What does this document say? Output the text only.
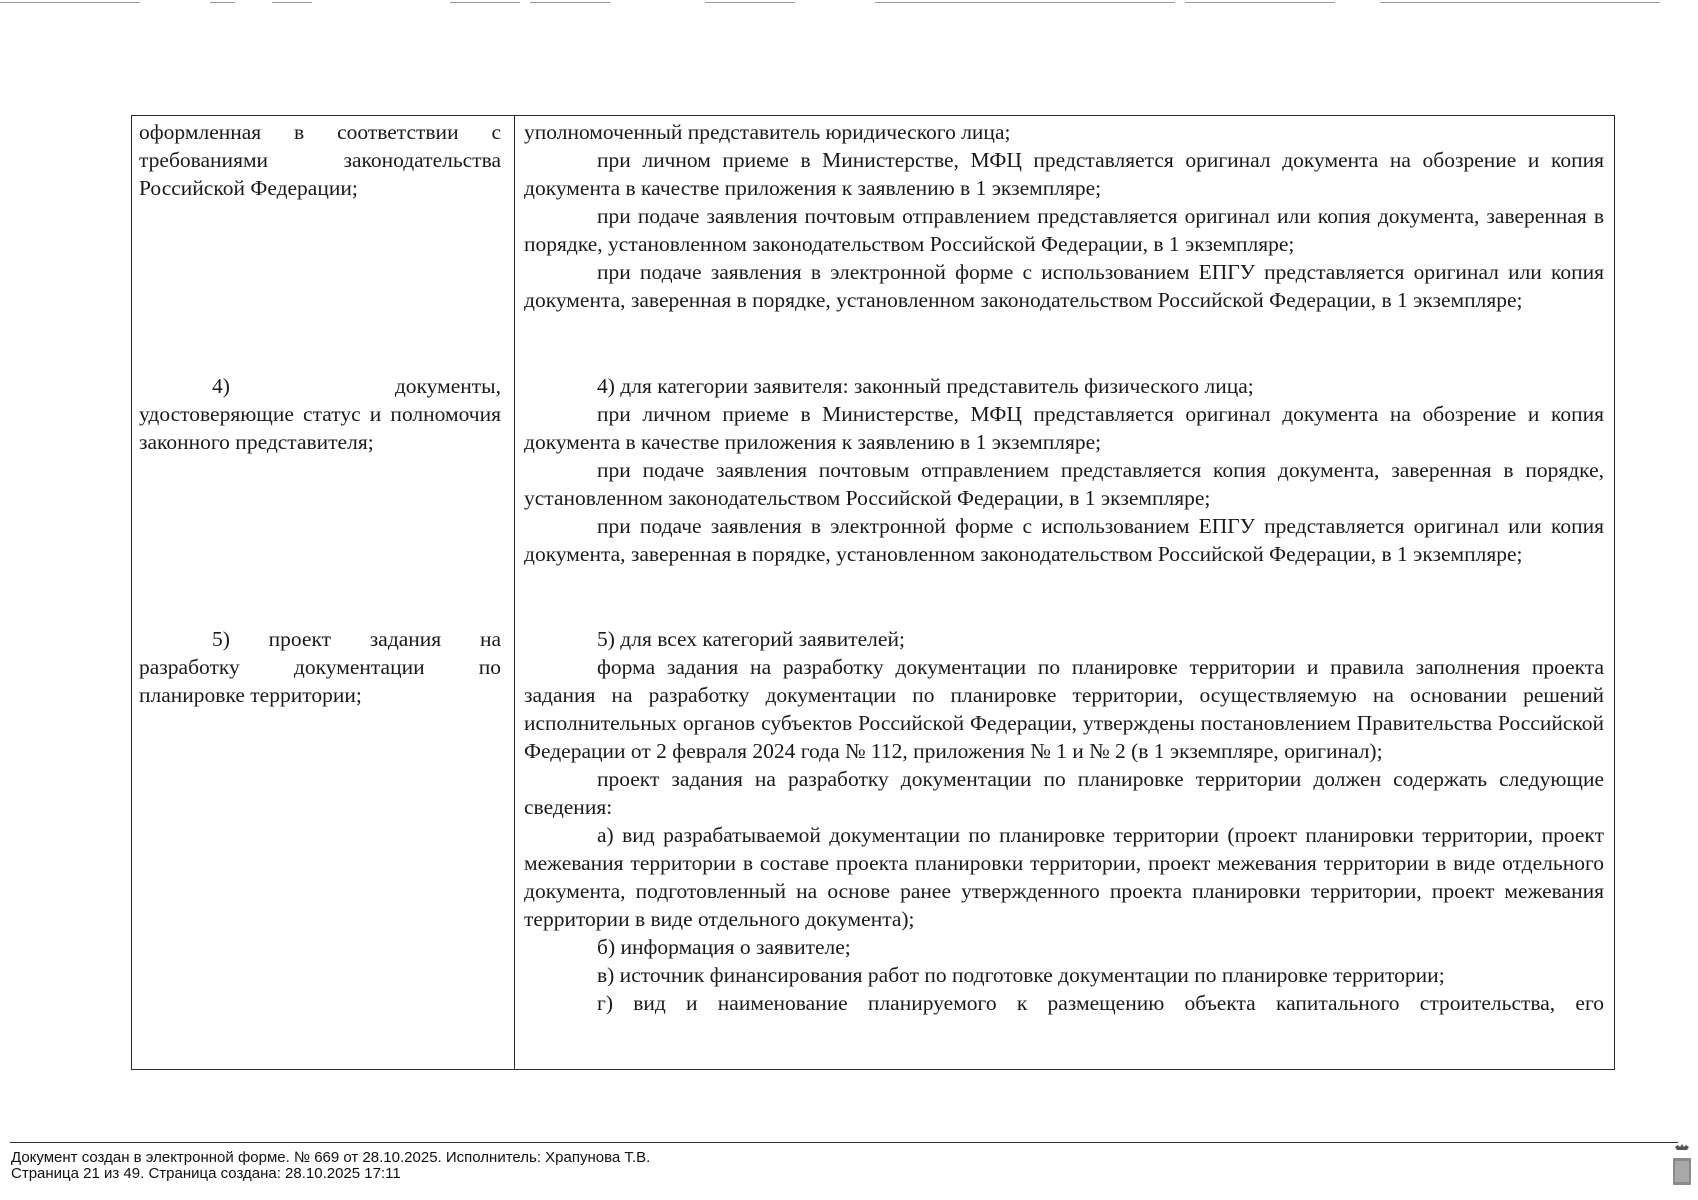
оформленная в соответствии с требованиями законодательства Российской Федерации;

уполномоченный представитель юридического лица;

при личном приеме в Министерстве, МФЦ представляется оригинал документа на обозрение и копия документа в качестве приложения к заявлению в 1 экземпляре;

при подаче заявления почтовым отправлением представляется оригинал или копия документа, заверенная в порядке, установленном законодательством Российской Федерации, в 1 экземпляре;

при подаче заявления в электронной форме с использованием ЕПГУ представляется оригинал или копия документа, заверенная в порядке, установленном законодательством Российской Федерации, в 1 экземпляре;

4) документы, удостоверяющие статус и полномочия законного представителя;

4) для категории заявителя: законный представитель физического лица;

при личном приеме в Министерстве, МФЦ представляется оригинал документа на обозрение и копия документа в качестве приложения к заявлению в 1 экземпляре;

при подаче заявления почтовым отправлением представляется копия документа, заверенная в порядке, установленном законодательством Российской Федерации, в 1 экземпляре;

при подаче заявления в электронной форме с использованием ЕПГУ представляется оригинал или копия документа, заверенная в порядке, установленном законодательством Российской Федерации, в 1 экземпляре;

5) проект задания на разработку документации по планировке территории;

5) для всех категорий заявителей;

форма задания на разработку документации по планировке территории и правила заполнения проекта задания на разработку документации по планировке территории, осуществляемую на основании решений исполнительных органов субъектов Российской Федерации, утверждены постановлением Правительства Российской Федерации от 2 февраля 2024 года № 112, приложения № 1 и № 2 (в 1 экземпляре, оригинал);

проект задания на разработку документации по планировке территории должен содержать следующие сведения:

а) вид разрабатываемой документации по планировке территории (проект планировки территории, проект межевания территории в составе проекта планировки территории, проект межевания территории в виде отдельного документа, подготовленный на основе ранее утвержденного проекта планировки территории, проект межевания территории в виде отдельного документа);

б) информация о заявителе;

в) источник финансирования работ по подготовке документации по планировке территории;

г) вид и наименование планируемого к размещению объекта капитального строительства, его

Документ создан в электронной форме. № 669 от 28.10.2025. Исполнитель: Храпунова Т.В.
Страница 21 из 49. Страница создана: 28.10.2025 17:11
